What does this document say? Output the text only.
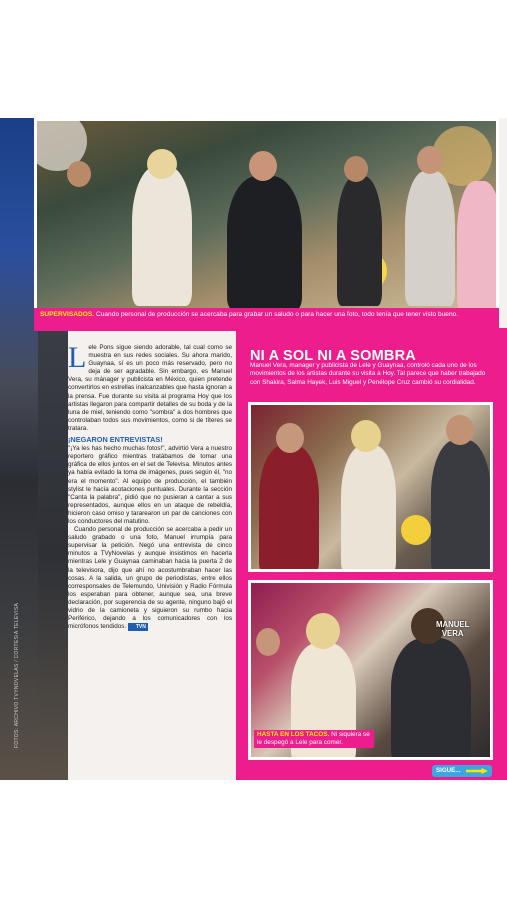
FOTOS: ARCHIVO TVYNOVELAS / CORTESÍA TELEVISA
SUPERVISADOS. Cuando personal de producción se acercaba para grabar un saludo o para hacer una foto, todo tenía que tener visto bueno.

Lele Pons sigue siendo adorable, tal cual como se muestra en sus redes sociales. Su ahora marido, Guaynaa, sí es un poco más reservado, pero no deja de ser agradable. Sin embargo, es Manuel Vera, su mánager y publicista en México, quien pretende convertirlos en estrellas inalcanzables que hasta ignoran a la prensa. Fue durante su visita al programa Hoy que los artistas llegaron para compartir detalles de su boda y de la luna de miel, teniendo como "sombra" a dos hombres que controlaban todos sus movimientos, como si de títeres se tratara.

¡NEGARON ENTREVISTAS!

"¡Ya les has hecho muchas fotos!", advirtió Vera a nuestro reportero gráfico mientras tratábamos de tomar una gráfica de ellos juntos en el set de Televisa. Minutos antes ya había evitado la toma de imágenes, pues según él, "no era el momento". Al equipo de producción, el también stylist le hacía acotaciones puntuales. Durante la sección "Canta la palabra", pidió que no pusieran a cantar a sus representados, aunque ellos en un ataque de rebeldía, hicieron caso omiso y tararearon un par de canciones con los conductores del matutino.

Cuando personal de producción se acercaba a pedir un saludo grabado o una foto, Manuel irrumpía para supervisar la petición. Negó una entrevista de cinco minutos a TVyNovelas y aunque insistimos en hacerla mientras Lele y Guaynaa caminaban hacia la puerta 2 de la televisora, dijo que ahí no acostumbraban hacer las cosas. A la salida, un grupo de periodistas, entre ellos corresponsales de Telemundo, Univisión y Radio Fórmula los esperaban para obtener, aunque sea, una breve declaración, por sugerencia de su agente, ninguno bajó el vidrio de la camioneta y siguieron su rumbo hacia Periférico, dejando a los comunicadores con los micrófonos tendidos. TVN

NI A SOL NI A SOMBRA
Manuel Vera, manager y publicista de Lele y Guaynaa, controló cada uno de los movimientos de los artistas durante su visita a Hoy. Tal parece que haber trabajado con Shakira, Salma Hayek, Luis Miguel y Penélope Cruz cambió su cordialidad.
MANUEL
VERA
HASTA EN LOS TACOS. Ni siquiera se le despegó a Lele para comer.
SIGUE...
